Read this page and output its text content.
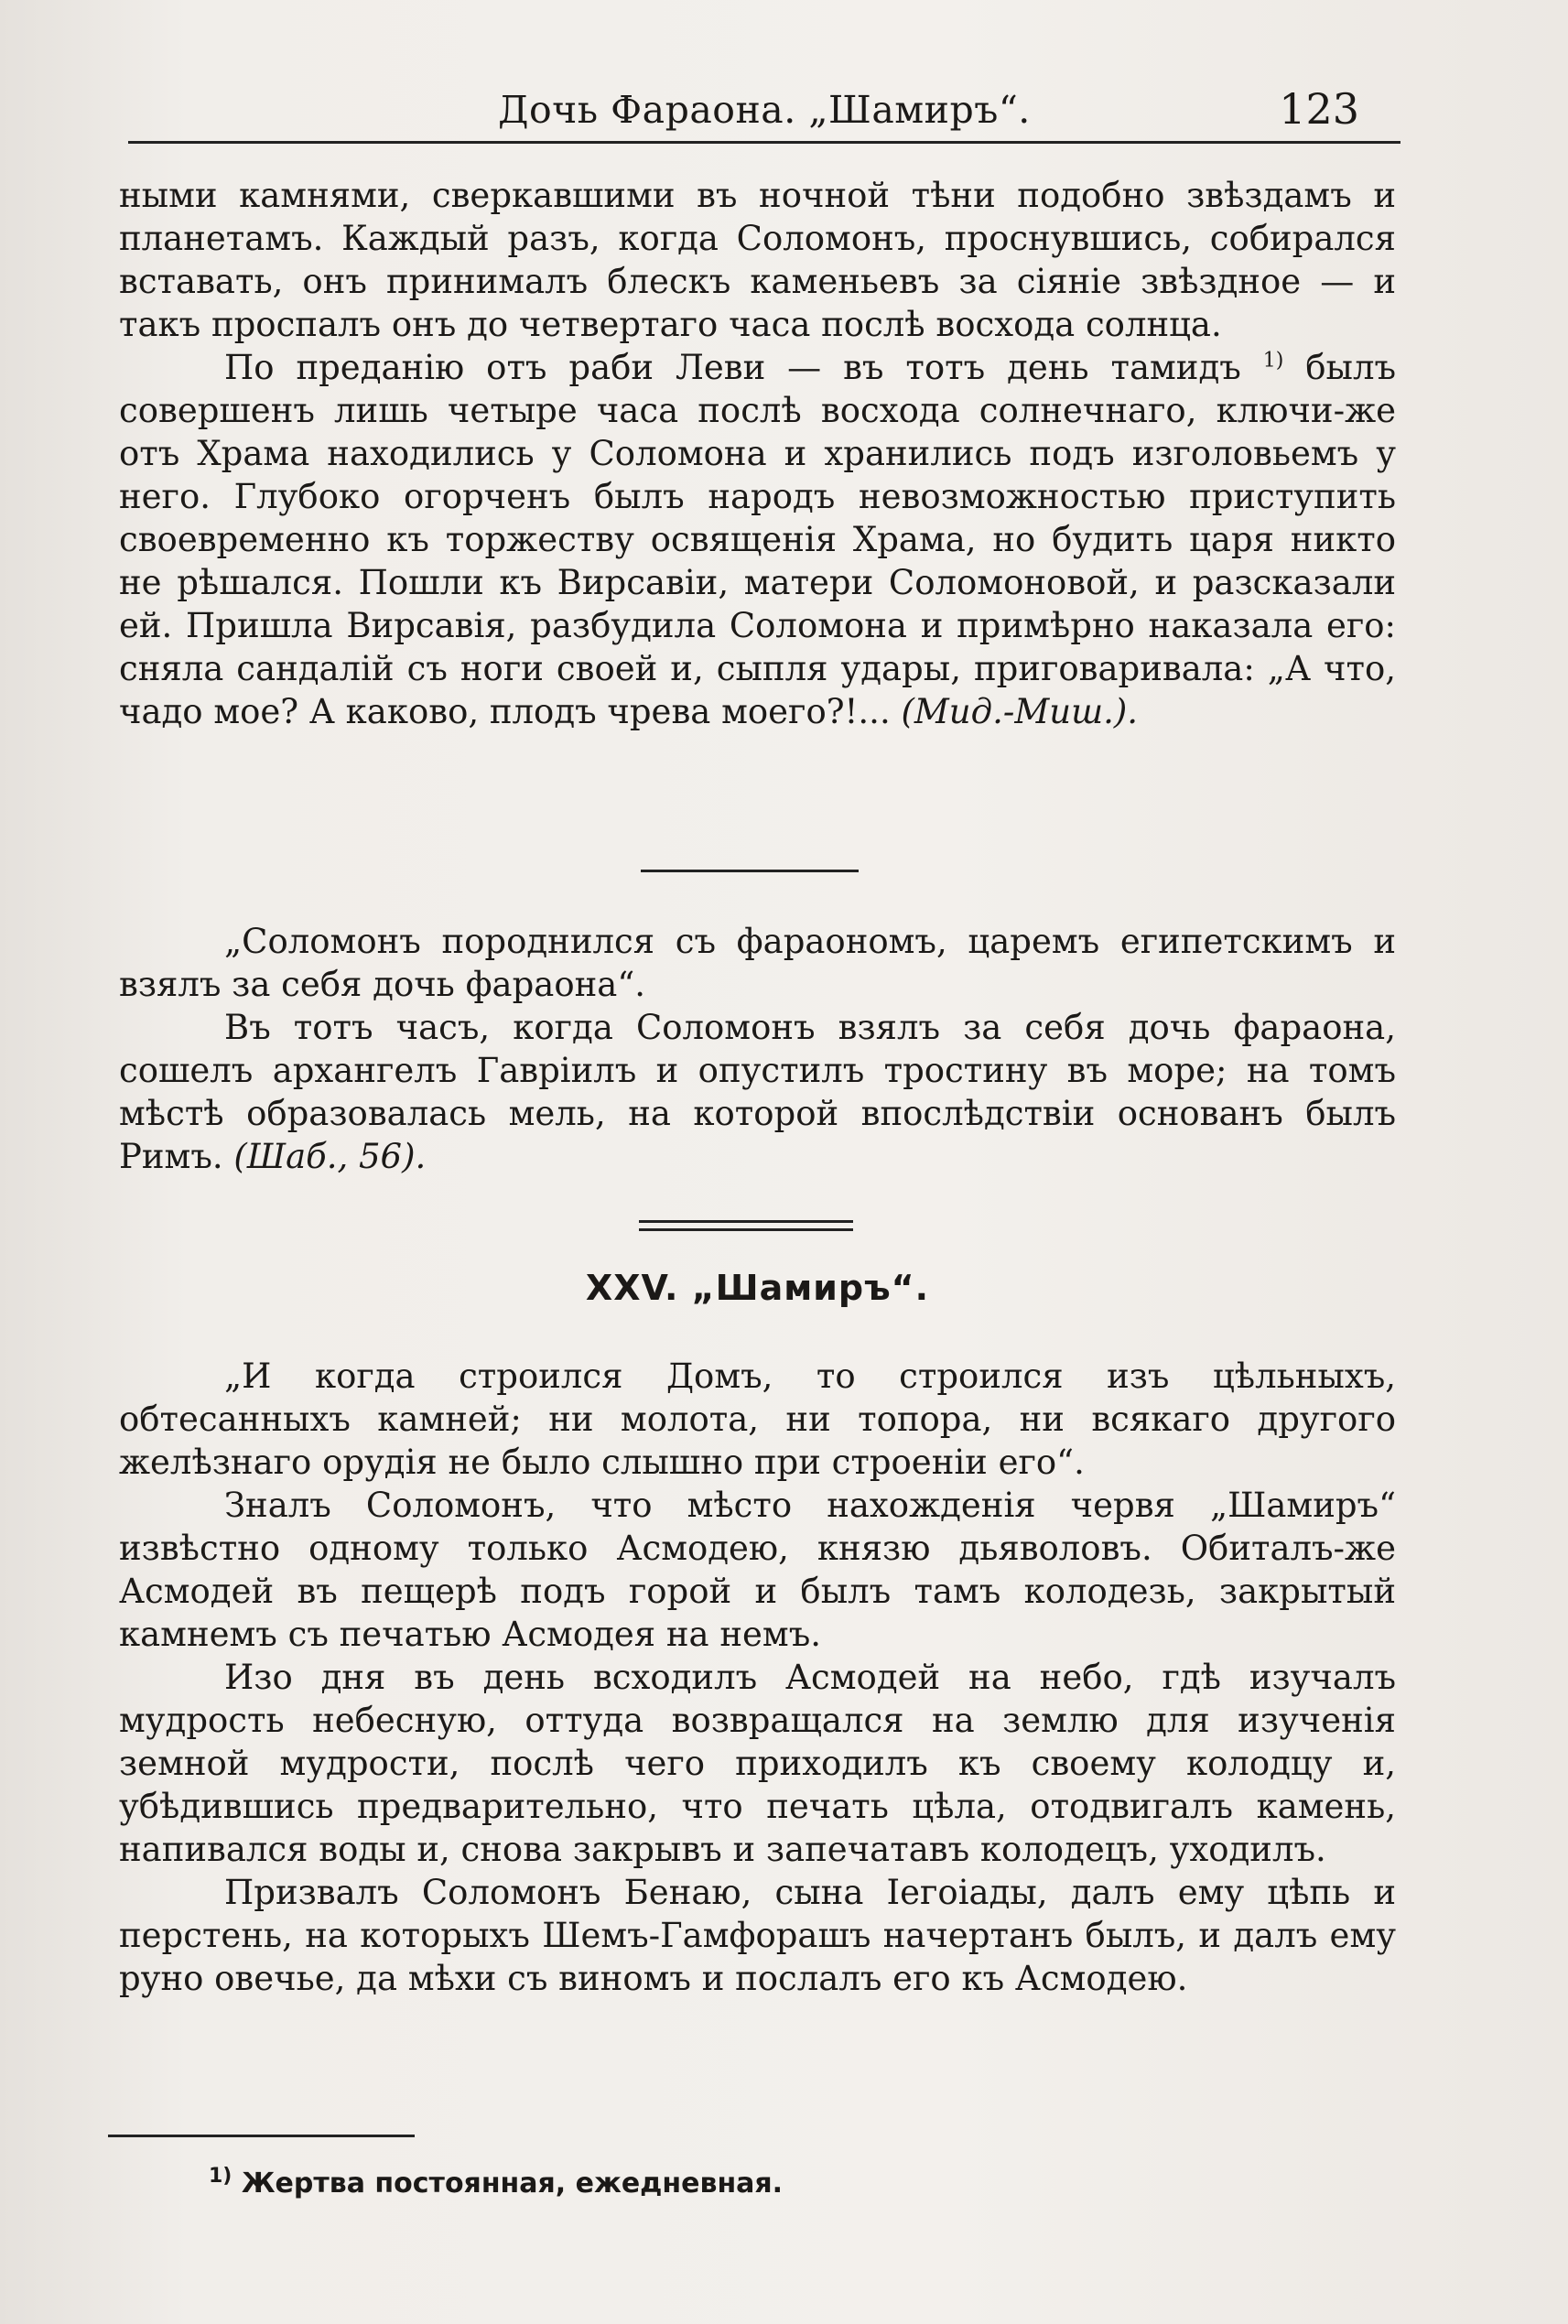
Дочь Фараона. „Шамиръ“.	123

ными камнями, сверкавшими въ ночной тѣни подобно звѣздамъ и планетамъ. Каждый разъ, когда Соломонъ, проснувшись, собирался вставать, онъ принималъ блескъ каменьевъ за сіяніе звѣздное — и такъ проспалъ онъ до четвертаго часа послѣ восхода солнца.

По преданію отъ раби Леви — въ тотъ день тамидъ $^{1)}$ былъ совершенъ лишь четыре часа послѣ восхода солнечнаго, ключи-же отъ Храма находились у Соломона и хранились подъ изголовьемъ у него. Глубоко огорченъ былъ народъ невозможностью приступить своевременно къ торжеству освященія Храма, но будить царя никто не рѣшался. Пошли къ Вирсавіи, матери Соломоновой, и разсказали ей. Пришла Вирсавія, разбудила Соломона и примѣрно наказала его: сняла сандалій съ ноги своей и, сыпля удары, приговаривала: „А что, чадо мое? А каково, плодъ чрева моего?!... (Мид.-Миш.).

„Соломонъ породнился съ фараономъ, царемъ египетскимъ и взялъ за себя дочь фараона“.

Въ тотъ часъ, когда Соломонъ взялъ за себя дочь фараона, сошелъ архангелъ Гавріилъ и опустилъ тростину въ море; на томъ мѣстѣ образовалась мель, на которой впослѣдствіи основанъ былъ Римъ. (Шаб., 56).

XXV. „Шамиръ“.

„И когда строился Домъ, то строился изъ цѣльныхъ, обтесанныхъ камней; ни молота, ни топора, ни всякаго другого желѣзнаго орудія не было слышно при строеніи его“.

Зналъ Соломонъ, что мѣсто нахожденія червя „Шамиръ“ извѣстно одному только Асмодею, князю дьяволовъ. Обиталъ-же Асмодей въ пещерѣ подъ горой и былъ тамъ колодезь, закрытый камнемъ съ печатью Асмодея на немъ.

Изо дня въ день всходилъ Асмодей на небо, гдѣ изучалъ мудрость небесную, оттуда возвращался на землю для изученія земной мудрости, послѣ чего приходилъ къ своему колодцу и, убѣдившись предварительно, что печать цѣла, отодвигалъ камень, напивался воды и, снова закрывъ и запечатавъ колодецъ, уходилъ.

Призвалъ Соломонъ Бенаю, сына Іегоіады, далъ ему цѣпь и перстень, на которыхъ Шемъ-Гамфорашъ начертанъ былъ, и далъ ему руно овечье, да мѣхи съ виномъ и послалъ его къ Асмодею.

$^{1)}$ Жертва постоянная, ежедневная.
